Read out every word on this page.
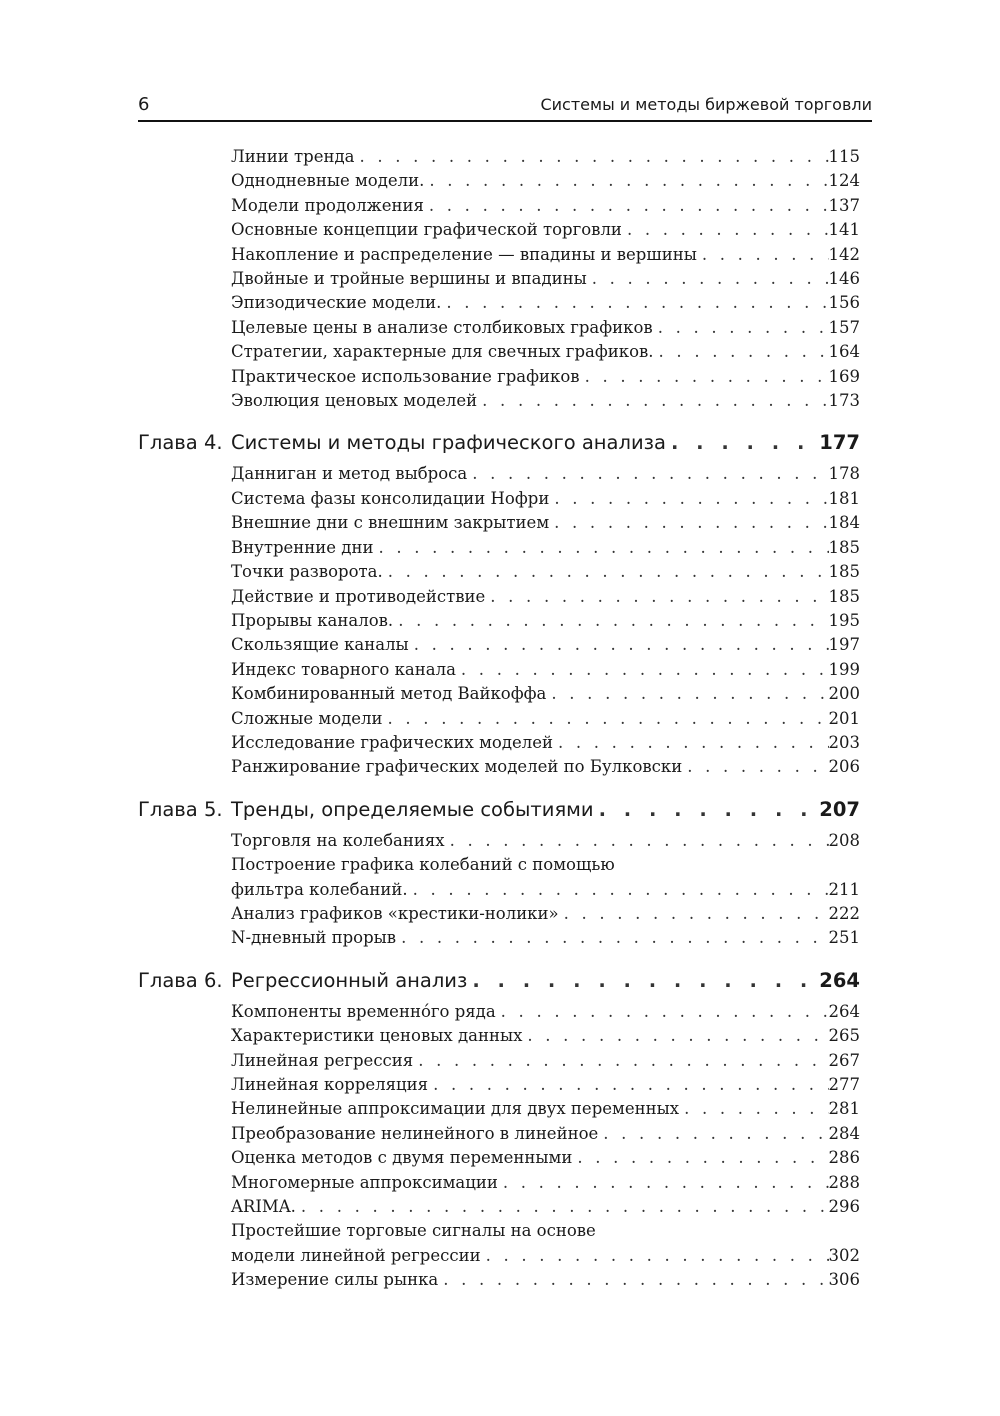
6	Системы и методы биржевой торговли
Линии тренда . . .	115
Однодневные модели. . . .	124
Модели продолжения . . .	137
Основные концепции графической торговли . . .	141
Накопление и распределение — впадины и вершины . . .	142
Двойные и тройные вершины и впадины . . .	146
Эпизодические модели. . . .	156
Целевые цены в анализе столбиковых графиков . . .	157
Стратегии, характерные для свечных графиков. . . .	164
Практическое использование графиков . . .	169
Эволюция ценовых моделей . . .	173
Глава 4. Системы и методы графического анализа . . .	177
Данниган и метод выброса . . .	178
Система фазы консолидации Нофри . . .	181
Внешние дни с внешним закрытием . . .	184
Внутренние дни . . .	185
Точки разворота. . . .	185
Действие и противодействие . . .	185
Прорывы каналов. . . .	195
Скользящие каналы . . .	197
Индекс товарного канала . . .	199
Комбинированный метод Вайкоффа . . .	200
Сложные модели . . .	201
Исследование графических моделей . . .	203
Ранжирование графических моделей по Булковски . . .	206
Глава 5. Тренды, определяемые событиями . . .	207
Торговля на колебаниях . . .	208
Построение графика колебаний с помощью
фильтра колебаний. . . .	211
Анализ графиков «крестики-нолики» . . .	222
N-дневный прорыв . . .	251
Глава 6. Регрессионный анализ . . .	264
Компоненты временно́го ряда . . .	264
Характеристики ценовых данных . . .	265
Линейная регрессия . . .	267
Линейная корреляция . . .	277
Нелинейные аппроксимации для двух переменных . . .	281
Преобразование нелинейного в линейное . . .	284
Оценка методов с двумя переменными . . .	286
Многомерные аппроксимации . . .	288
ARIMA. . . .	296
Простейшие торговые сигналы на основе
модели линейной регрессии . . .	302
Измерение силы рынка . . .	306
